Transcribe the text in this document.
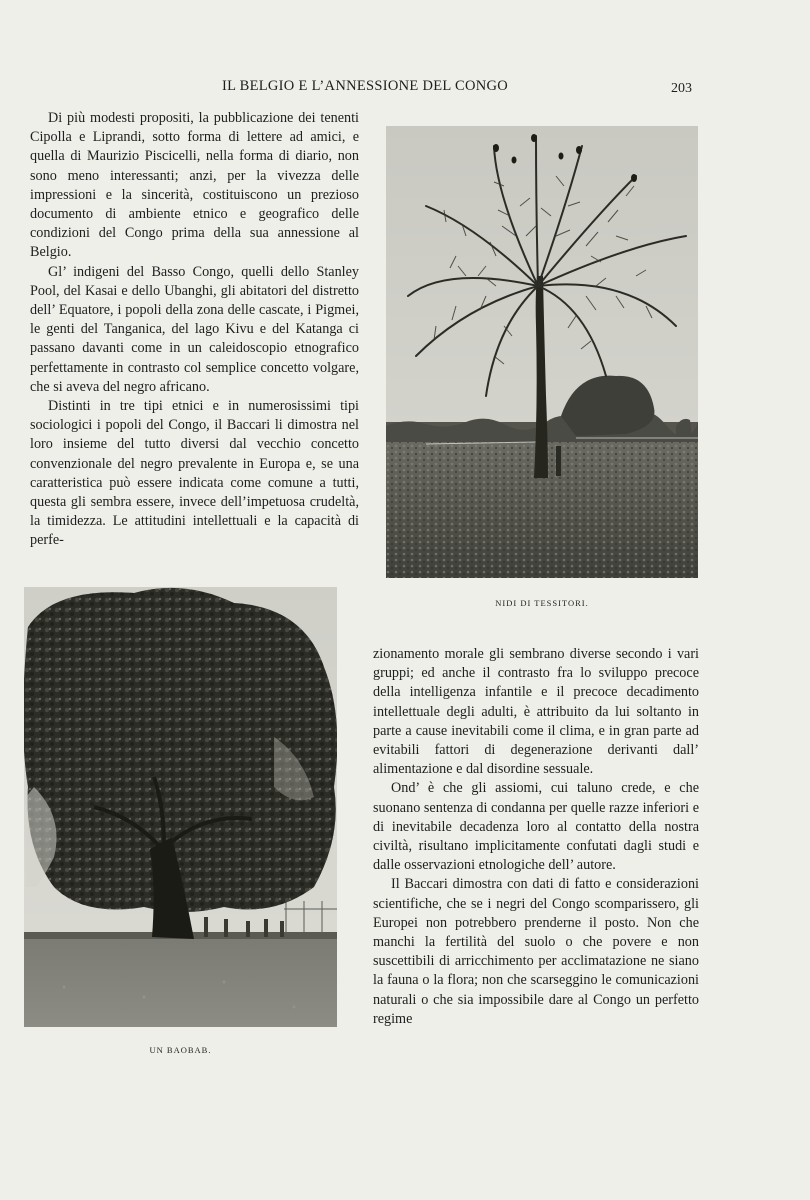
IL BELGIO E L’ANNESSIONE DEL CONGO	203

Di più modesti propositi, la pubblicazione dei tenenti Cipolla e Liprandi, sotto forma di lettere ad amici, e quella di Maurizio Piscicelli, nella forma di diario, non sono meno interessanti; anzi, per la vivezza delle impressioni e la sincerità, costituiscono un prezioso documento di ambiente etnico e geografico delle condizioni del Congo prima della sua annessione al Belgio.

Gl’ indigeni del Basso Congo, quelli dello Stanley Pool, del Kasai e dello Ubanghi, gli abitatori del distretto dell’ Equatore, i popoli della zona delle cascate, i Pigmei, le genti del Tanganica, del lago Kivu e del Katanga ci passano davanti come in un caleidoscopio etnografico perfettamente in contrasto col semplice concetto volgare, che si aveva del negro africano.

Distinti in tre tipi etnici e in numerosissimi tipi sociologici i popoli del Congo, il Baccari li dimostra nel loro insieme del tutto diversi dal vecchio concetto convenzionale del negro prevalente in Europa e, se una caratteristica può essere indicata come comune a tutti, questa gli sembra essere, invece dell’impetuosa crudeltà, la timidezza. Le attitudini intellettuali e la capacità di perfe-

NIDI DI TESSITORI.
UN BAOBAB.

zionamento morale gli sembrano diverse secondo i vari gruppi; ed anche il contrasto fra lo sviluppo precoce della intelligenza infantile e il precoce decadimento intellettuale degli adulti, è attribuito da lui soltanto in parte a cause inevitabili come il clima, e in gran parte ad evitabili fattori di degenerazione derivanti dall’ alimentazione e dal disordine sessuale.

Ond’ è che gli assiomi, cui taluno crede, e che suonano sentenza di condanna per quelle razze inferiori e di inevitabile decadenza loro al contatto della nostra civiltà, risultano implicitamente confutati dagli studi e dalle osservazioni etnologiche dell’ autore.

Il Baccari dimostra con dati di fatto e considerazioni scientifiche, che se i negri del Congo scomparissero, gli Europei non potrebbero prenderne il posto. Non che manchi la fertilità del suolo o che povere e non suscettibili di arricchimento per acclimatazione ne siano la fauna o la flora; non che scarseggino le comunicazioni naturali o che sia impossibile dare al Congo un perfetto regime
